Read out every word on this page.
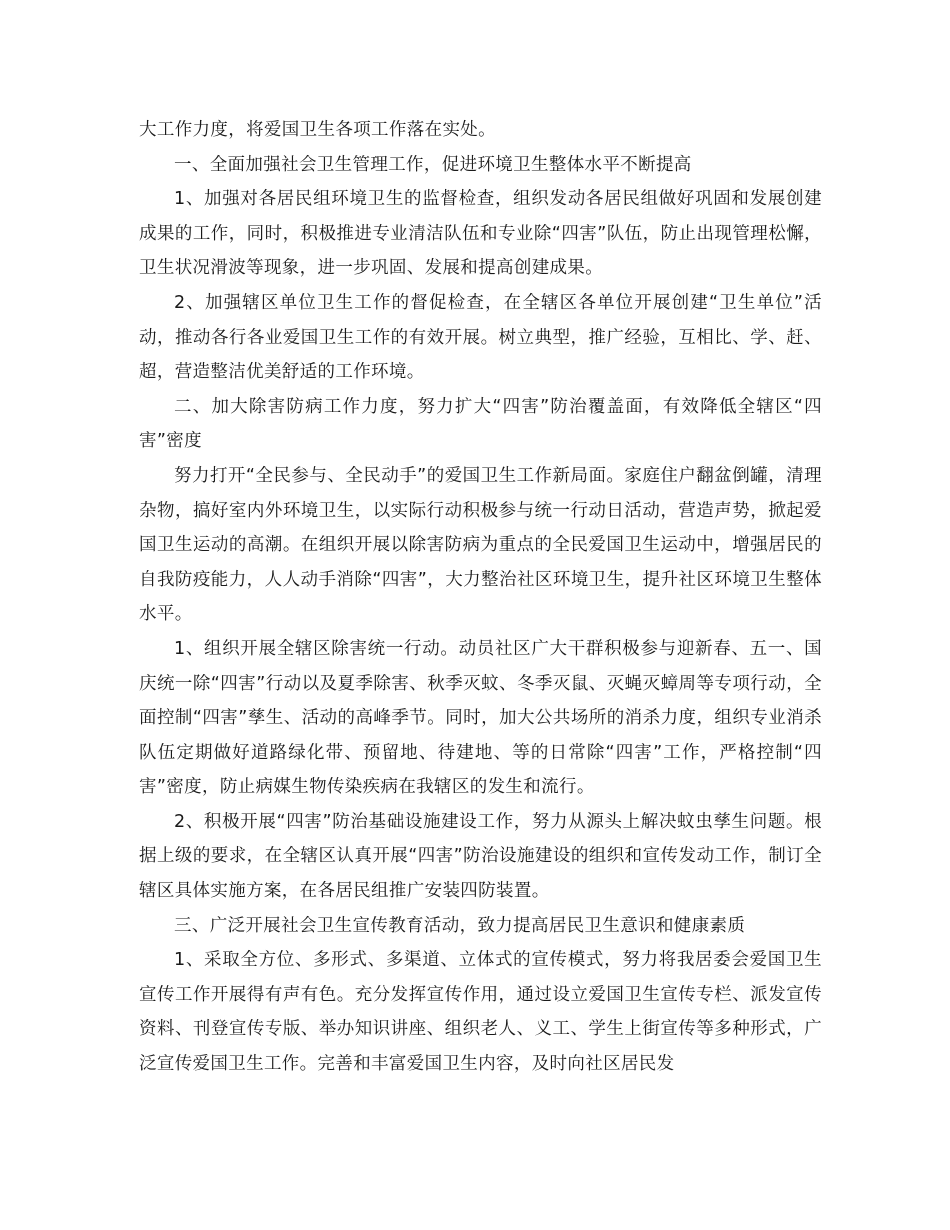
大工作力度，将爱国卫生各项工作落在实处。

一、全面加强社会卫生管理工作，促进环境卫生整体水平不断提高

1、加强对各居民组环境卫生的监督检查，组织发动各居民组做好巩固和发展创建成果的工作，同时，积极推进专业清洁队伍和专业除“四害”队伍，防止出现管理松懈，卫生状况滑波等现象，进一步巩固、发展和提高创建成果。

2、加强辖区单位卫生工作的督促检查，在全辖区各单位开展创建“卫生单位”活动，推动各行各业爱国卫生工作的有效开展。树立典型，推广经验，互相比、学、赶、超，营造整洁优美舒适的工作环境。

二、加大除害防病工作力度，努力扩大“四害”防治覆盖面，有效降低全辖区“四害”密度

努力打开“全民参与、全民动手”的爱国卫生工作新局面。家庭住户翻盆倒罐，清理杂物，搞好室内外环境卫生，以实际行动积极参与统一行动日活动，营造声势，掀起爱国卫生运动的高潮。在组织开展以除害防病为重点的全民爱国卫生运动中，增强居民的自我防疫能力，人人动手消除“四害”，大力整治社区环境卫生，提升社区环境卫生整体水平。

1、组织开展全辖区除害统一行动。动员社区广大干群积极参与迎新春、五一、国庆统一除“四害”行动以及夏季除害、秋季灭蚊、冬季灭鼠、灭蝇灭蟑周等专项行动，全面控制“四害”孳生、活动的高峰季节。同时，加大公共场所的消杀力度，组织专业消杀队伍定期做好道路绿化带、预留地、待建地、等的日常除“四害”工作，严格控制“四害”密度，防止病媒生物传染疾病在我辖区的发生和流行。

2、积极开展“四害”防治基础设施建设工作，努力从源头上解决蚊虫孳生问题。根据上级的要求，在全辖区认真开展“四害”防治设施建设的组织和宣传发动工作，制订全辖区具体实施方案，在各居民组推广安装四防装置。

三、广泛开展社会卫生宣传教育活动，致力提高居民卫生意识和健康素质

1、采取全方位、多形式、多渠道、立体式的宣传模式，努力将我居委会爱国卫生宣传工作开展得有声有色。充分发挥宣传作用，通过设立爱国卫生宣传专栏、派发宣传资料、刊登宣传专版、举办知识讲座、组织老人、义工、学生上街宣传等多种形式，广泛宣传爱国卫生工作。完善和丰富爱国卫生内容，及时向社区居民发
